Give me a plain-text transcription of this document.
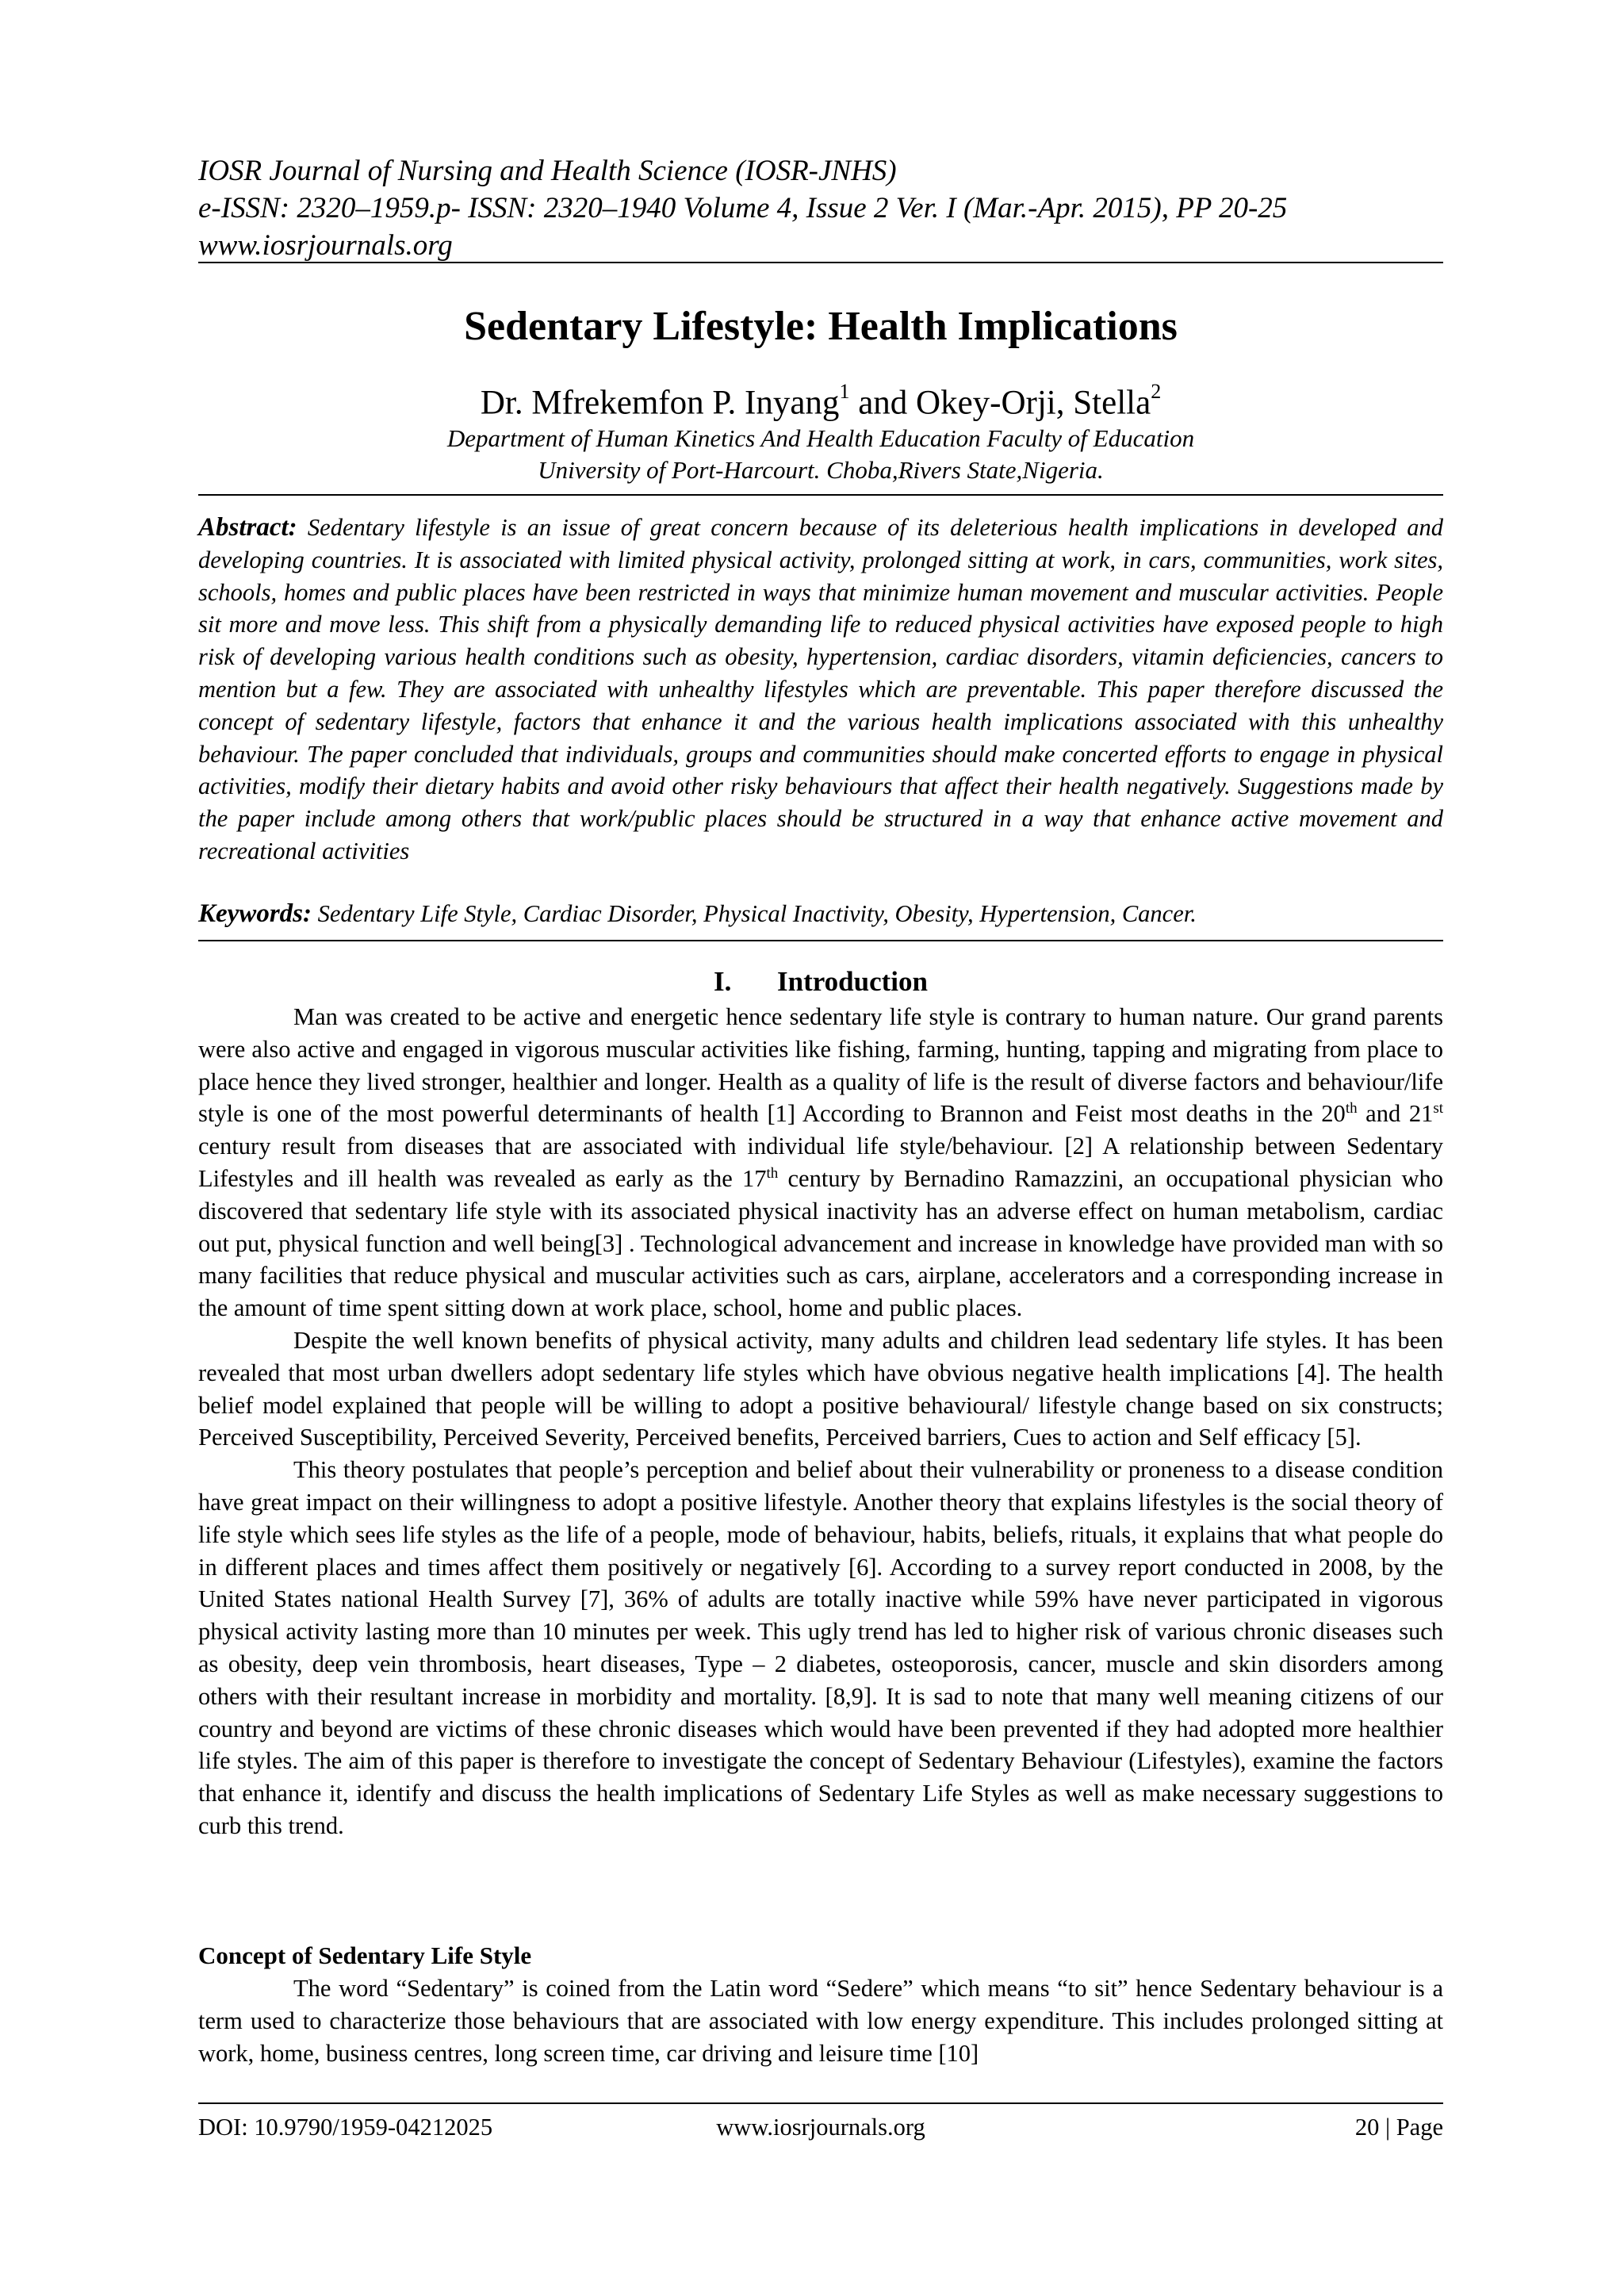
IOSR Journal of Nursing and Health Science (IOSR-JNHS)
e-ISSN: 2320–1959.p- ISSN: 2320–1940 Volume 4, Issue 2 Ver. I (Mar.-Apr. 2015), PP 20-25
www.iosrjournals.org
Sedentary Lifestyle: Health Implications
Dr. Mfrekemfon P. Inyang$^1$ and Okey-Orji, Stella$^2$
Department of Human Kinetics And Health Education Faculty of Education
University of Port-Harcourt. Choba,Rivers State,Nigeria.
Abstract: Sedentary lifestyle is an issue of great concern because of its deleterious health implications in developed and developing countries. It is associated with limited physical activity, prolonged sitting at work, in cars, communities, work sites, schools, homes and public places have been restricted in ways that minimize human movement and muscular activities. People sit more and move less. This shift from a physically demanding life to reduced physical activities have exposed people to high risk of developing various health conditions such as obesity, hypertension, cardiac disorders, vitamin deficiencies, cancers to mention but a few. They are associated with unhealthy lifestyles which are preventable. This paper therefore discussed the concept of sedentary lifestyle, factors that enhance it and the various health implications associated with this unhealthy behaviour. The paper concluded that individuals, groups and communities should make concerted efforts to engage in physical activities, modify their dietary habits and avoid other risky behaviours that affect their health negatively. Suggestions made by the paper include among others that work/public places should be structured in a way that enhance active movement and recreational activities
Keywords: Sedentary Life Style, Cardiac Disorder, Physical Inactivity, Obesity, Hypertension, Cancer.
I. Introduction

Man was created to be active and energetic hence sedentary life style is contrary to human nature. Our grand parents were also active and engaged in vigorous muscular activities like fishing, farming, hunting, tapping and migrating from place to place hence they lived stronger, healthier and longer. Health as a quality of life is the result of diverse factors and behaviour/life style is one of the most powerful determinants of health [1] According to Brannon and Feist most deaths in the 20th and 21st century result from diseases that are associated with individual life style/behaviour. [2] A relationship between Sedentary Lifestyles and ill health was revealed as early as the 17th century by Bernadino Ramazzini, an occupational physician who discovered that sedentary life style with its associated physical inactivity has an adverse effect on human metabolism, cardiac out put, physical function and well being[3] . Technological advancement and increase in knowledge have provided man with so many facilities that reduce physical and muscular activities such as cars, airplane, accelerators and a corresponding increase in the amount of time spent sitting down at work place, school, home and public places.

Despite the well known benefits of physical activity, many adults and children lead sedentary life styles. It has been revealed that most urban dwellers adopt sedentary life styles which have obvious negative health implications [4]. The health belief model explained that people will be willing to adopt a positive behavioural/ lifestyle change based on six constructs; Perceived Susceptibility, Perceived Severity, Perceived benefits, Perceived barriers, Cues to action and Self efficacy [5].

This theory postulates that people’s perception and belief about their vulnerability or proneness to a disease condition have great impact on their willingness to adopt a positive lifestyle. Another theory that explains lifestyles is the social theory of life style which sees life styles as the life of a people, mode of behaviour, habits, beliefs, rituals, it explains that what people do in different places and times affect them positively or negatively [6]. According to a survey report conducted in 2008, by the United States national Health Survey [7], 36% of adults are totally inactive while 59% have never participated in vigorous physical activity lasting more than 10 minutes per week. This ugly trend has led to higher risk of various chronic diseases such as obesity, deep vein thrombosis, heart diseases, Type – 2 diabetes, osteoporosis, cancer, muscle and skin disorders among others with their resultant increase in morbidity and mortality. [8,9]. It is sad to note that many well meaning citizens of our country and beyond are victims of these chronic diseases which would have been prevented if they had adopted more healthier life styles. The aim of this paper is therefore to investigate the concept of Sedentary Behaviour (Lifestyles), examine the factors that enhance it, identify and discuss the health implications of Sedentary Life Styles as well as make necessary suggestions to curb this trend.

Concept of Sedentary Life Style

The word “Sedentary” is coined from the Latin word “Sedere” which means “to sit” hence Sedentary behaviour is a term used to characterize those behaviours that are associated with low energy expenditure. This includes prolonged sitting at work, home, business centres, long screen time, car driving and leisure time [10]

DOI: 10.9790/1959-04212025	www.iosrjournals.org	20 | Page
